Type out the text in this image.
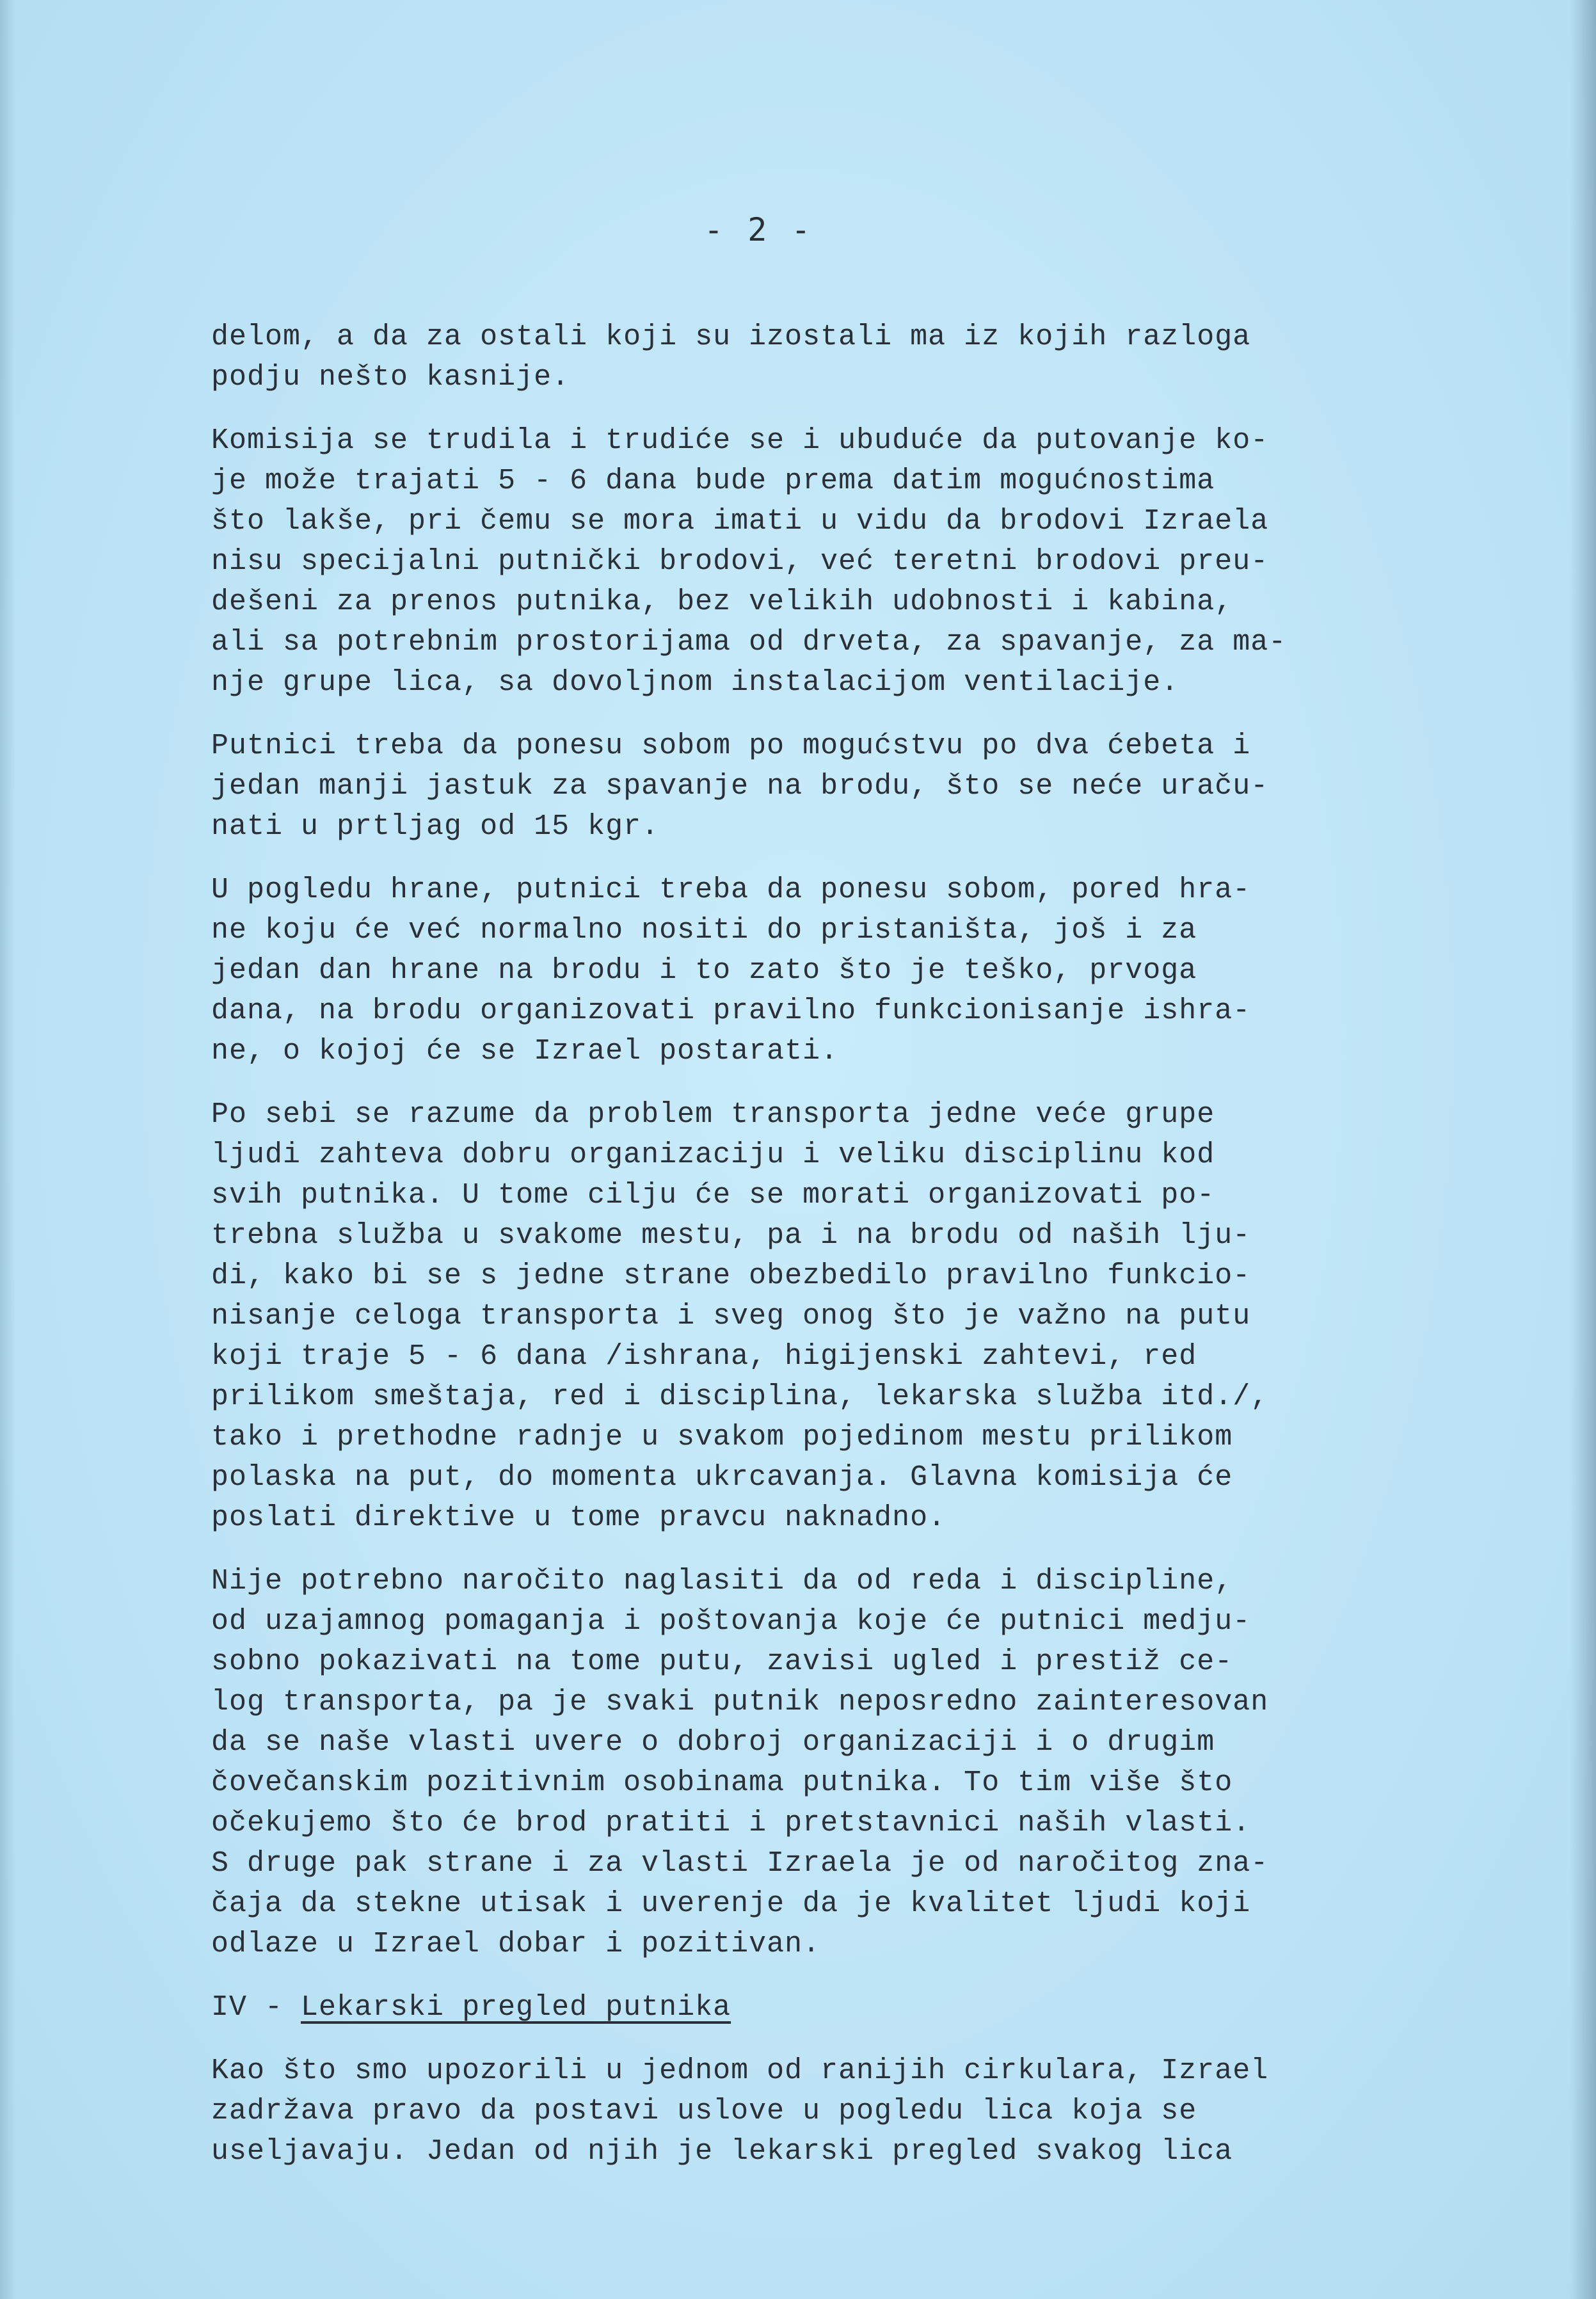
- 2 -
delom, a da za ostali koji su izostali ma iz kojih razloga
podju nešto kasnije.
Komisija se trudila i trudiće se i ubuduće da putovanje ko-
je može trajati 5 - 6 dana bude prema datim mogućnostima
što lakše, pri čemu se mora imati u vidu da brodovi Izraela
nisu specijalni putnički brodovi, već teretni brodovi preu-
dešeni za prenos putnika, bez velikih udobnosti i kabina,
ali sa potrebnim prostorijama od drveta, za spavanje, za ma-
nje grupe lica, sa dovoljnom instalacijom ventilacije.
Putnici treba da ponesu sobom po mogućstvu po dva ćebeta i
jedan manji jastuk za spavanje na brodu, što se neće uraču-
nati u prtljag od 15 kgr.
U pogledu hrane, putnici treba da ponesu sobom, pored hra-
ne koju će već normalno nositi do pristaništa, još i za
jedan dan hrane na brodu i to zato što je teško, prvoga
dana, na brodu organizovati pravilno funkcionisanje ishra-
ne, o kojoj će se Izrael postarati.
Po sebi se razume da problem transporta jedne veće grupe
ljudi zahteva dobru organizaciju i veliku disciplinu kod
svih putnika. U tome cilju će se morati organizovati po-
trebna služba u svakome mestu, pa i na brodu od naših lju-
di, kako bi se s jedne strane obezbedilo pravilno funkcio-
nisanje celoga transporta i sveg onog što je važno na putu
koji traje 5 - 6 dana /ishrana, higijenski zahtevi, red
prilikom smeštaja, red i disciplina, lekarska služba itd./,
tako i prethodne radnje u svakom pojedinom mestu prilikom
polaska na put, do momenta ukrcavanja. Glavna komisija će
poslati direktive u tome pravcu naknadno.
Nije potrebno naročito naglasiti da od reda i discipline,
od uzajamnog pomaganja i poštovanja koje će putnici medju-
sobno pokazivati na tome putu, zavisi ugled i prestiž ce-
log transporta, pa je svaki putnik neposredno zainteresovan
da se naše vlasti uvere o dobroj organizaciji i o drugim
čovečanskim pozitivnim osobinama putnika. To tim više što
očekujemo što će brod pratiti i pretstavnici naših vlasti.
S druge pak strane i za vlasti Izraela je od naročitog zna-
čaja da stekne utisak i uverenje da je kvalitet ljudi koji
odlaze u Izrael dobar i pozitivan.
IV - Lekarski pregled putnika
Kao što smo upozorili u jednom od ranijih cirkulara, Izrael
zadržava pravo da postavi uslove u pogledu lica koja se
useljavaju. Jedan od njih je lekarski pregled svakog lica
